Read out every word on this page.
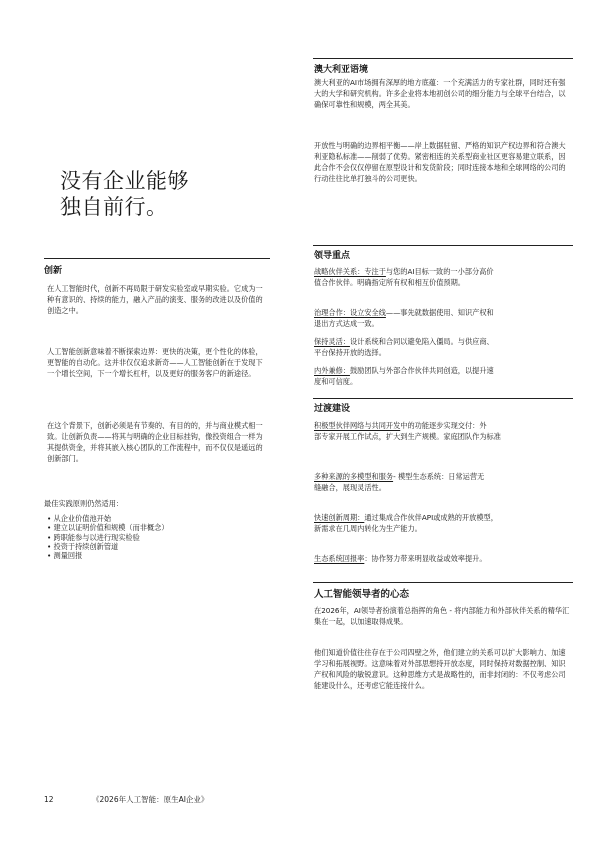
澳大利亚语境

澳大利亚的AI市场拥有深厚的地方底蕴：一个充满活力的专家社群，同时还有强大的大学和研究机构。许多企业将本地初创公司的细分能力与全球平台结合，以确保可靠性和规模，两全其美。

开放性与明确的边界相平衡——岸上数据驻留、严格的知识产权边界和符合澳大利亚隐私标准——削弱了优势。紧密相连的关系型商业社区更容易建立联系，因此合作不会仅仅停留在原型设计和发货阶段；同时连接本地和全球网络的公司的行动往往比单打独斗的公司更快。

没有企业能够
独自前行。
创新

在人工智能时代，创新不再局限于研发实验室或早期实验。它成为一种有意识的、持续的能力，融入产品的演变、服务的改进以及价值的创造之中。

人工智能创新意味着不断探索边界：更快的决策，更个性化的体验，更智能的自动化。这并非仅仅追求新奇——人工智能创新在于发现下一个增长空间，下一个增长杠杆，以及更好的服务客户的新途径。

在这个背景下，创新必须是有节奏的、有目的的，并与商业模式相一致。让创新负责——将其与明确的企业目标挂钩，像投资组合一样为其提供资金，并将其嵌入核心团队的工作流程中，而不仅仅是遥远的创新部门。

最佳实践原则仍然适用：

• 从企业价值池开始
• 建立以证明价值和规模（而非概念）
• 跨职能参与以进行现实检验
• 投资于持续创新管道
• 测量回报
领导重点

战略伙伴关系：专注于与您的AI目标一致的一小部分高价

值合作伙伴。明确指定所有权和相互价值预期。

治理合作：设立安全线——事先就数据使用、知识产权和

退出方式达成一致。

保持灵活：设计系统和合同以避免陷入僵局。与供应商、

平台保持开放的选择。

内外兼修：鼓励团队与外部合作伙伴共同创造，以提升速

度和可信度。

过渡建设

积极型伙伴网络与共同开发中的功能逐步实现交付：外

部专家开展工作试点，扩大到生产规模。家庭团队作为标准

多种来源的多模型和服务- 模型生态系统：日常运营无

缝融合，展现灵活性。

快速创新周期：通过集成合作伙伴API或成熟的开放模型，

新需求在几周内转化为生产能力。

生态系统回报率：协作努力带来明显收益或效率提升。

人工智能领导者的心态

在2026年，AI领导者扮演着总指挥的角色 - 将内部能力和外部伙伴关系的精华汇集在一起，以加速取得成果。

他们知道价值往往存在于公司四壁之外，他们建立的关系可以扩大影响力、加速学习和拓展视野。这意味着对外部思想持开放态度，同时保持对数据控制、知识产权和风险的敏锐意识。这种思维方式是战略性的，而非封闭的：不仅考虑公司能建设什么，还考虑它能连接什么。

12	《2026年人工智能：原生AI企业》
